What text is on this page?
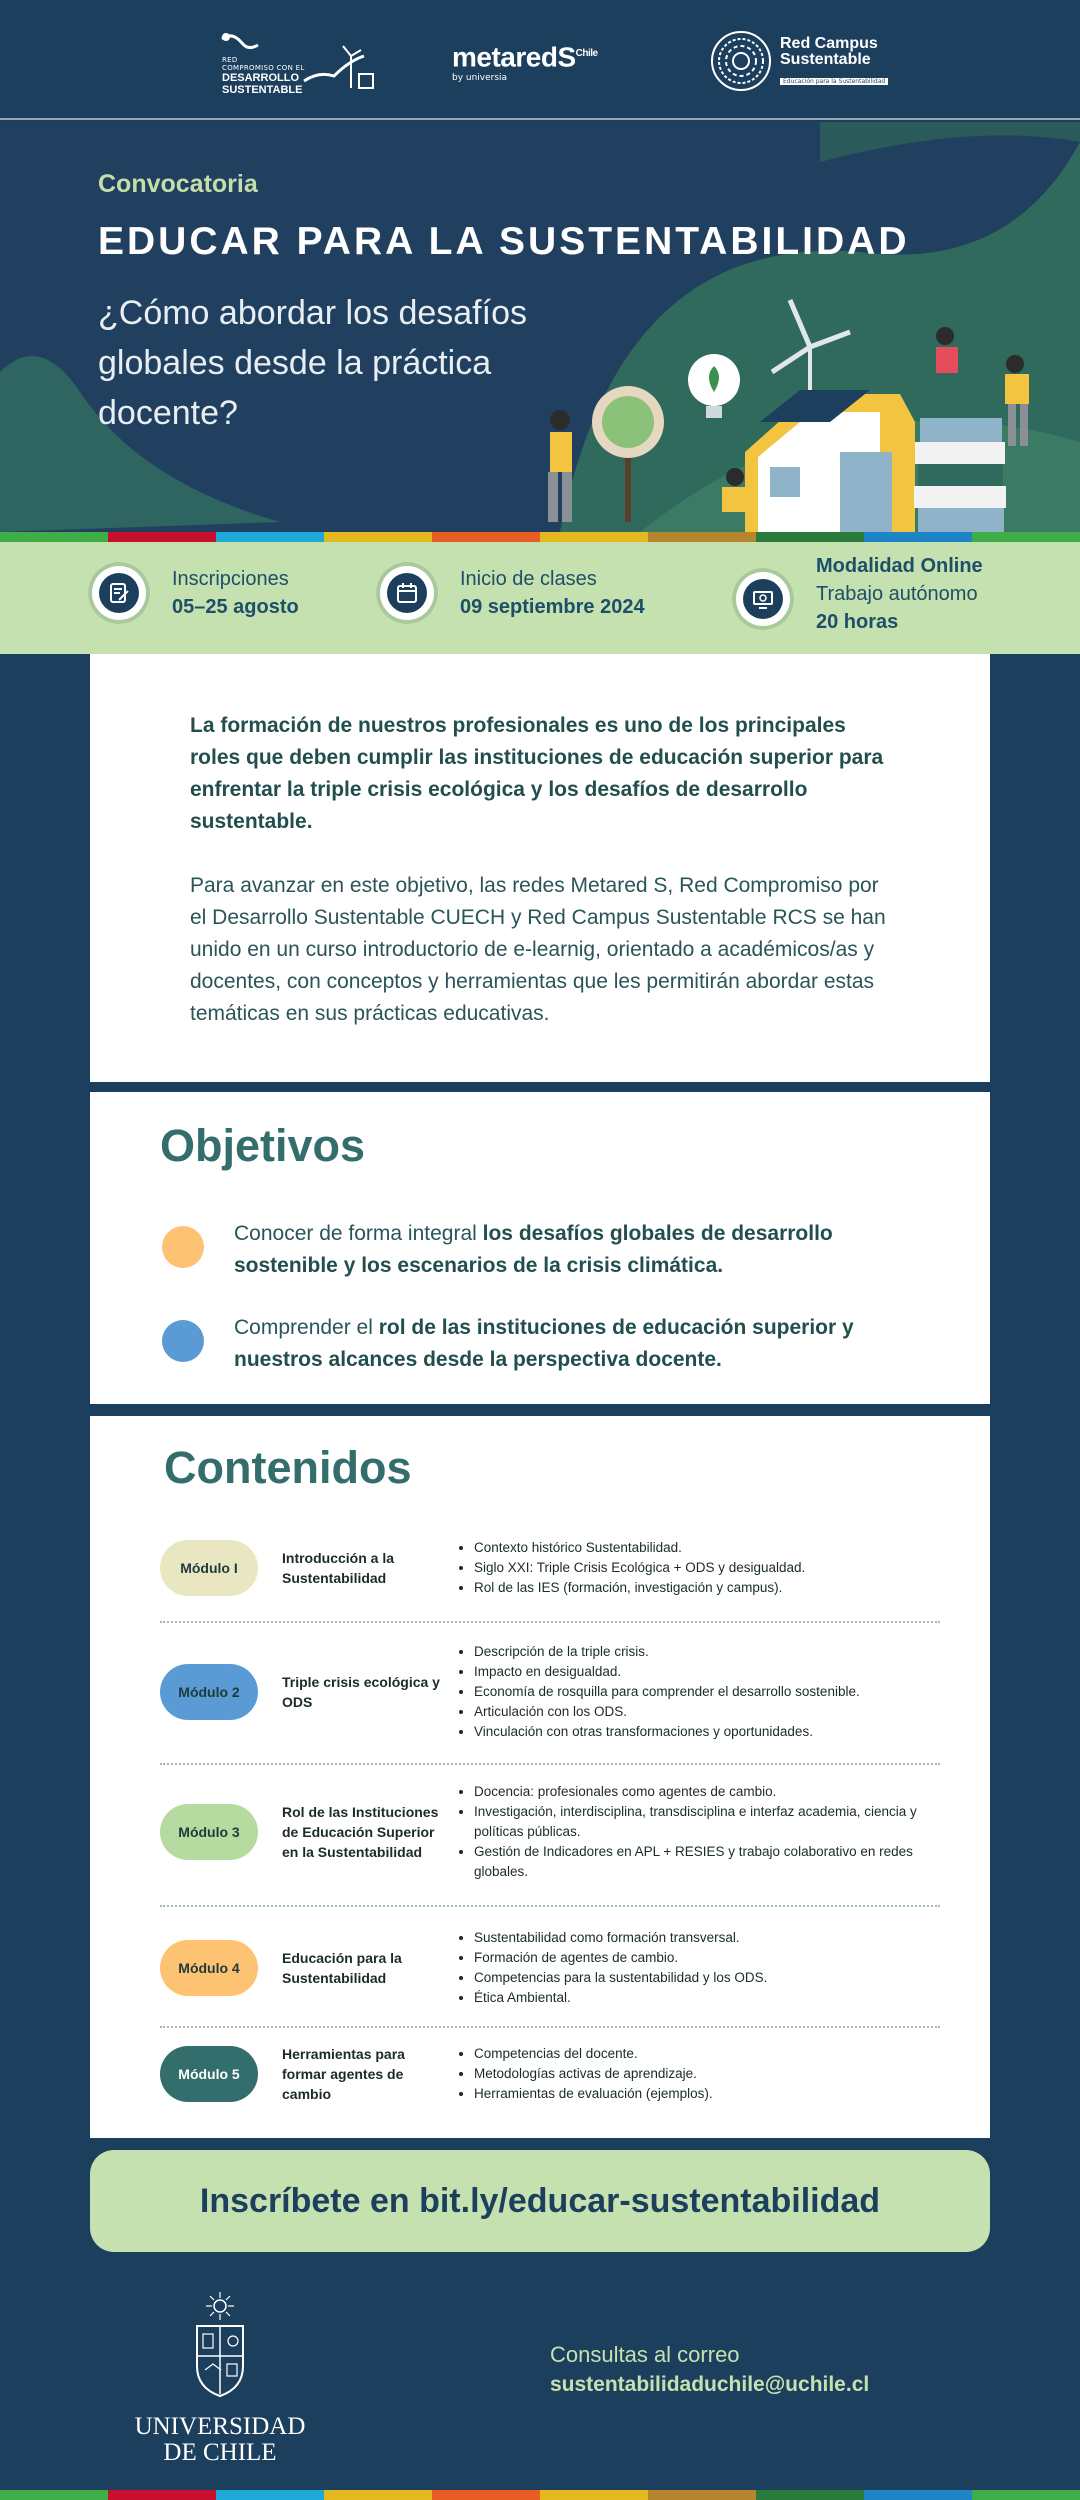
RED
COMPROMISO CON EL
DESARROLLO
SUSTENTABLE
metaredS$^{Chile}$
by universia
Red Campus
Sustentable
Educación para la Sustentabilidad
Convocatoria
EDUCAR PARA LA SUSTENTABILIDAD
¿Cómo abordar los desafíos globales desde la práctica docente?
Inscripciones
05–25 agosto
Inicio de clases
09 septiembre 2024
Modalidad Online
Trabajo autónomo
20 horas

La formación de nuestros profesionales es uno de los principales roles que deben cumplir las instituciones de educación superior para enfrentar la triple crisis ecológica y los desafíos de desarrollo sustentable.

Para avanzar en este objetivo, las redes Metared S, Red Compromiso por el Desarrollo Sustentable CUECH y Red Campus Sustentable RCS se han unido en un curso introductorio de e-learnig, orientado a académicos/as y docentes, con conceptos y herramientas que les permitirán abordar estas temáticas en sus prácticas educativas.

Objetivos
Conocer de forma integral los desafíos globales de desarrollo sostenible y los escenarios de la crisis climática.
Comprender el rol de las instituciones de educación superior y nuestros alcances desde la perspectiva docente.
Contenidos
Módulo I
Introducción a la Sustentabilidad
• Contexto histórico Sustentabilidad.
• Siglo XXI: Triple Crisis Ecológica + ODS y desigualdad.
• Rol de las IES (formación, investigación y campus).
Módulo 2
Triple crisis ecológica y ODS
• Descripción de la triple crisis.
• Impacto en desigualdad.
• Economía de rosquilla para comprender el desarrollo sostenible.
• Articulación con los ODS.
• Vinculación con otras transformaciones y oportunidades.
Módulo 3
Rol de las Instituciones de Educación Superior en la Sustentabilidad
• Docencia: profesionales como agentes de cambio.
• Investigación, interdisciplina, transdisciplina e interfaz academia, ciencia y políticas públicas.
• Gestión de Indicadores en APL + RESIES y trabajo colaborativo en redes globales.
Módulo 4
Educación para la Sustentabilidad
• Sustentabilidad como formación transversal.
• Formación de agentes de cambio.
• Competencias para la sustentabilidad y los ODS.
• Ética Ambiental.
Módulo 5
Herramientas para formar agentes de cambio
• Competencias del docente.
• Metodologías activas de aprendizaje.
• Herramientas de evaluación (ejemplos).
Inscríbete en bit.ly/educar-sustentabilidad
UNIVERSIDAD
DE CHILE
Consultas al correo
sustentabilidaduchile@uchile.cl
